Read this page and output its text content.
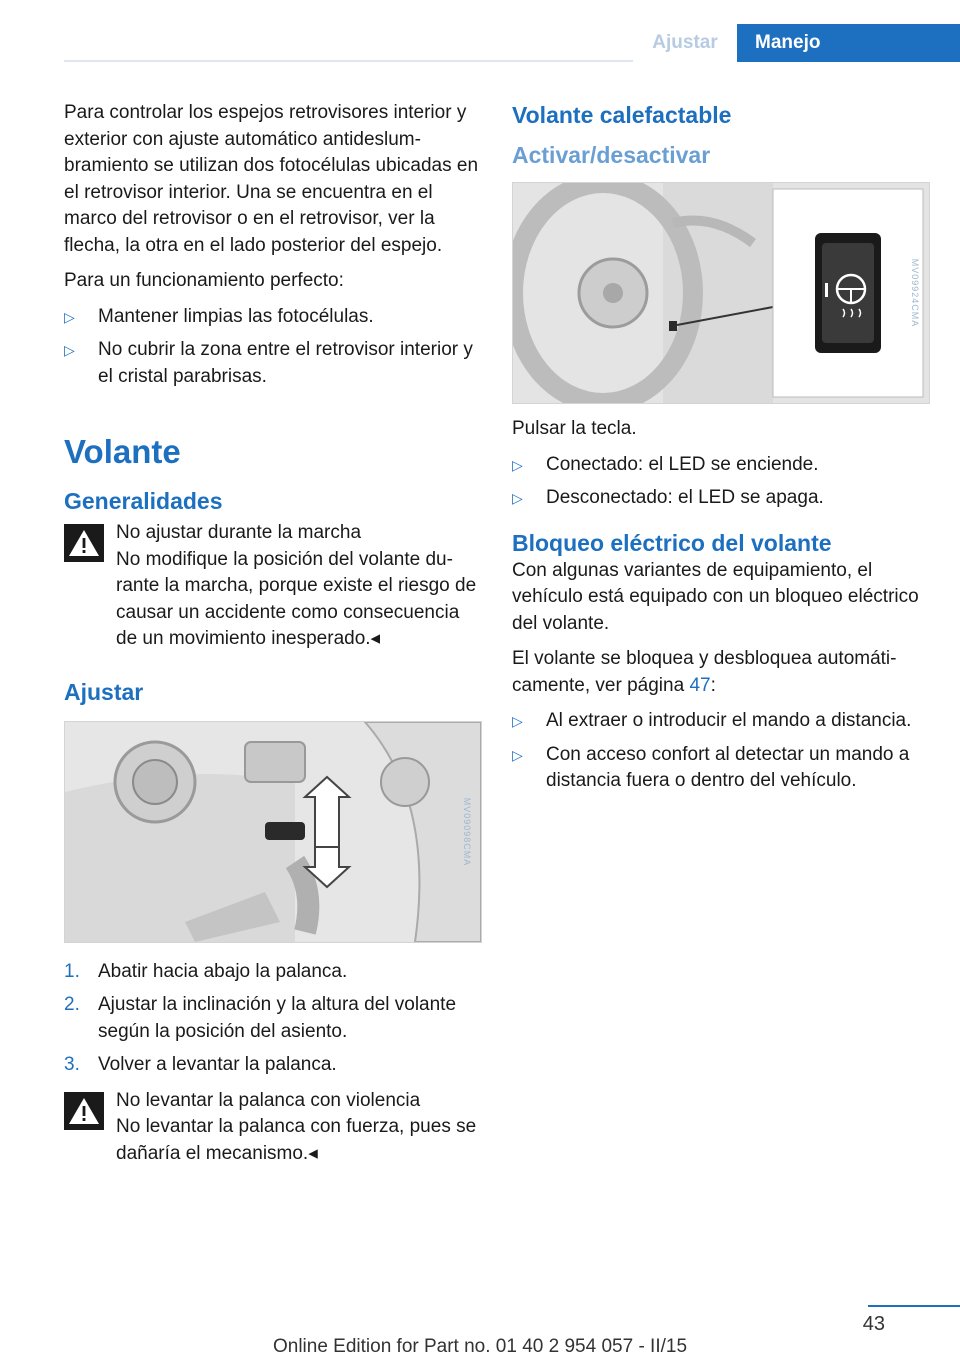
Ajustar	Manejo

Para controlar los espejos retrovisores interior y exterior con ajuste automático antideslumbramiento se utilizan dos fotocélulas ubicadas en el retrovisor interior. Una se encuentra en el marco del retrovisor o en el retrovisor, ver la flecha, la otra en el lado posterior del espejo.

Para un funcionamiento perfecto:

▷ Mantener limpias las fotocélulas.
▷ No cubrir la zona entre el retrovisor interior y el cristal parabrisas.
Volante
Generalidades
No ajustar durante la marcha
No modifique la posición del volante durante la marcha, porque existe el riesgo de causar un accidente como consecuencia de un movimiento inesperado.◂
Ajustar
MV09098CMA
1. Abatir hacia abajo la palanca.
2. Ajustar la inclinación y la altura del volante según la posición del asiento.
3. Volver a levantar la palanca.
No levantar la palanca con violencia
No levantar la palanca con fuerza, pues se dañaría el mecanismo.◂
Volante calefactable
Activar/desactivar
MV09924CMA

Pulsar la tecla.

▷ Conectado: el LED se enciende.
▷ Desconectado: el LED se apaga.
Bloqueo eléctrico del volante

Con algunas variantes de equipamiento, el vehículo está equipado con un bloqueo eléctrico del volante.

El volante se bloquea y desbloquea automáticamente, ver página 47:

▷ Al extraer o introducir el mando a distancia.
▷ Con acceso confort al detectar un mando a distancia fuera o dentro del vehículo.
43
Online Edition for Part no. 01 40 2 954 057 - II/15
